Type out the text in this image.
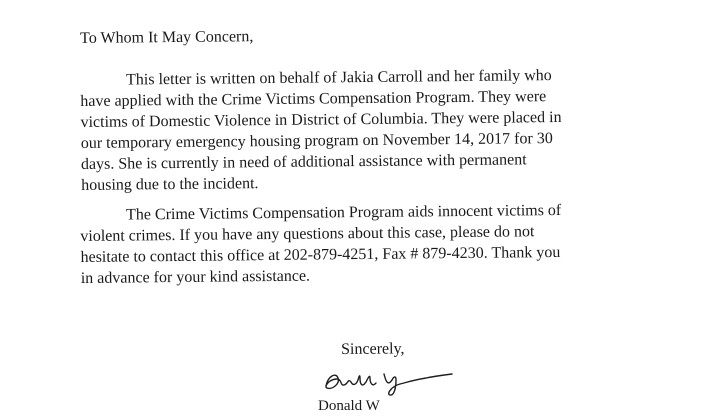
To Whom It May Concern,
This letter is written on behalf of Jakia Carroll and her family who
have applied with the Crime Victims Compensation Program. They were
victims of Domestic Violence in District of Columbia. They were placed in
our temporary emergency housing program on November 14, 2017 for 30
days. She is currently in need of additional assistance with permanent
housing due to the incident.
The Crime Victims Compensation Program aids innocent victims of
violent crimes. If you have any questions about this case, please do not
hesitate to contact this office at 202-879-4251, Fax # 879-4230. Thank you
in advance for your kind assistance.
Sincerely,
Donald W
